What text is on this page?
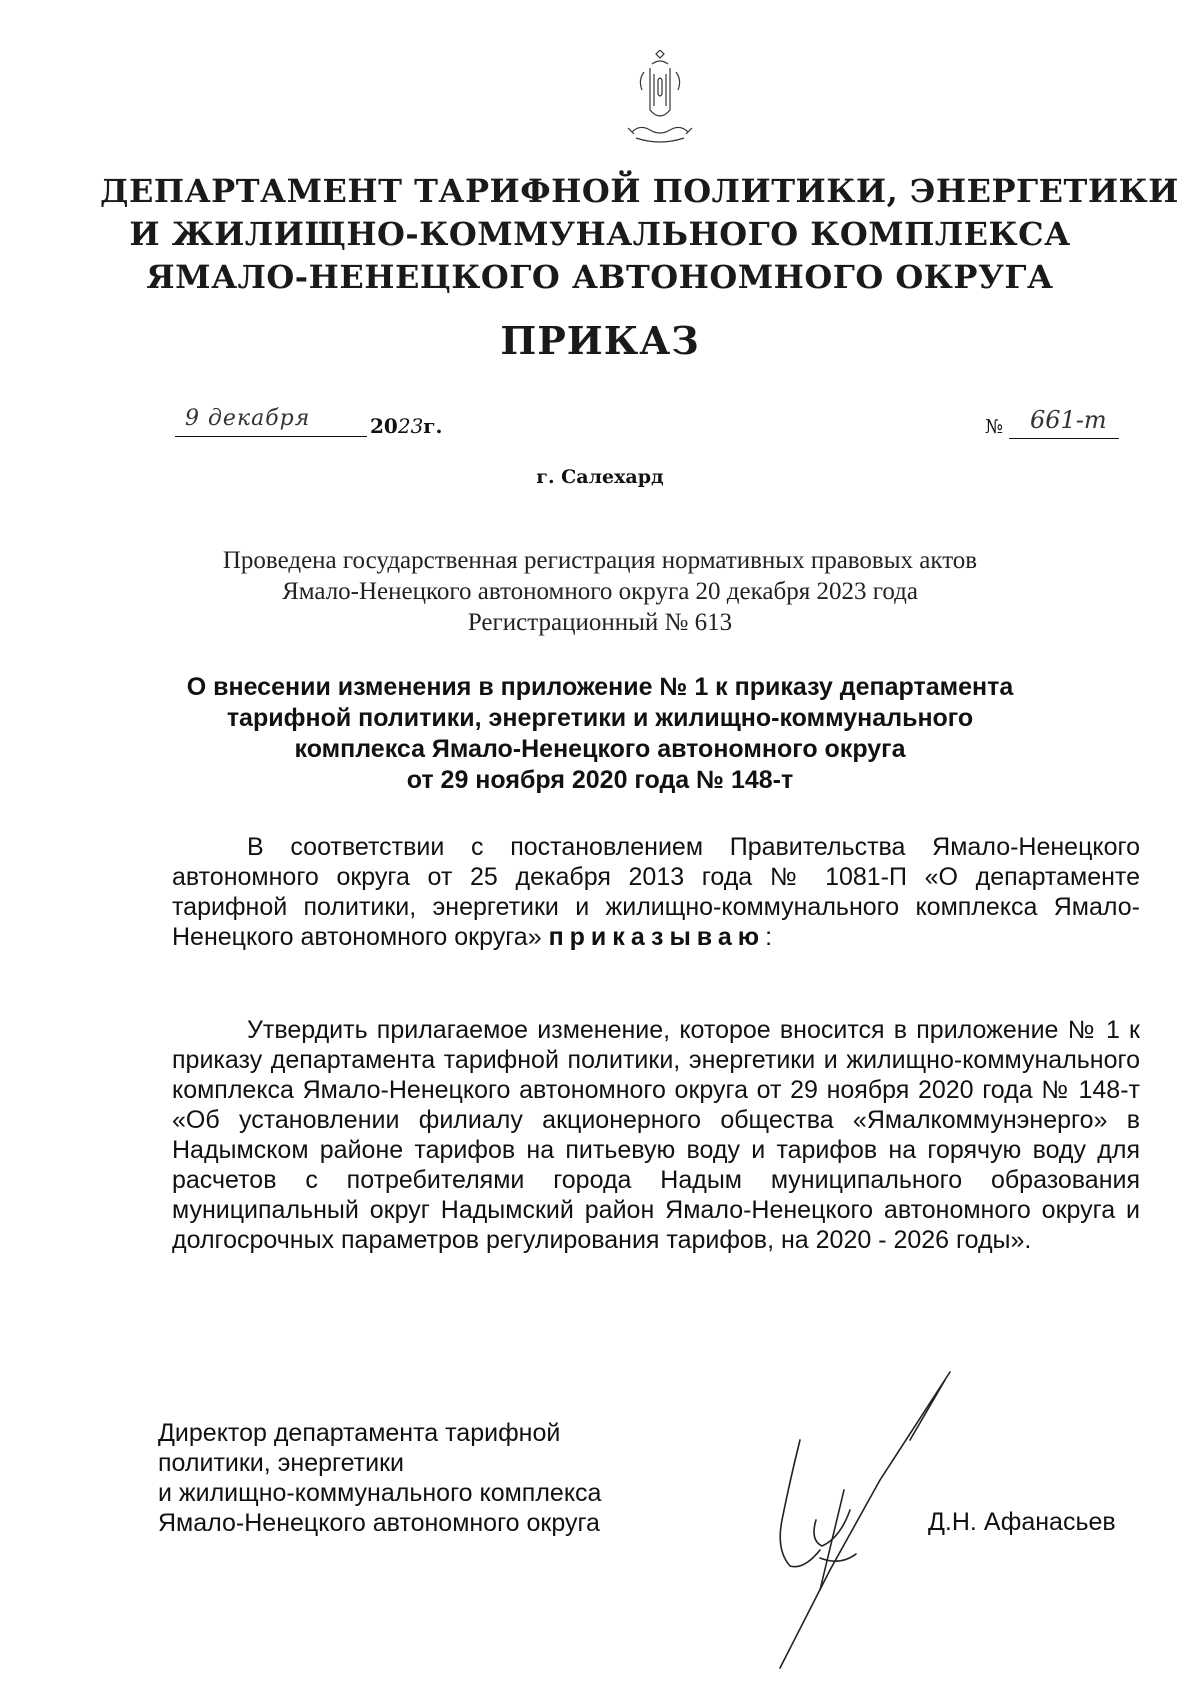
ДЕПАРТАМЕНТ ТАРИФНОЙ ПОЛИТИКИ, ЭНЕРГЕТИКИ
И ЖИЛИЩНО-КОММУНАЛЬНОГО КОМПЛЕКСА
ЯМАЛО-НЕНЕЦКОГО АВТОНОМНОГО ОКРУГА
ПРИКАЗ
9 декабря	2023г.	№ 661-т
г. Салехард
Проведена государственная регистрация нормативных правовых актов
Ямало-Ненецкого автономного округа 20 декабря 2023 года
Регистрационный № 613
О внесении изменения в приложение № 1 к приказу департамента
тарифной политики, энергетики и жилищно-коммунального
комплекса Ямало-Ненецкого автономного округа
от 29 ноября 2020 года № 148-т
В соответствии с постановлением Правительства Ямало-Ненецкого автономного округа от 25 декабря 2013 года № 1081-П «О департаменте тарифной политики, энергетики и жилищно-коммунального комплекса Ямало-Ненецкого автономного округа» приказываю:
Утвердить прилагаемое изменение, которое вносится в приложение № 1 к приказу департамента тарифной политики, энергетики и жилищно-коммунального комплекса Ямало-Ненецкого автономного округа от 29 ноября 2020 года № 148-т «Об установлении филиалу акционерного общества «Ямалкоммунэнерго» в Надымском районе тарифов на питьевую воду и тарифов на горячую воду для расчетов с потребителями города Надым муниципального образования муниципальный округ Надымский район Ямало-Ненецкого автономного округа и долгосрочных параметров регулирования тарифов, на 2020 - 2026 годы».
Директор департамента тарифной
политики, энергетики
и жилищно-коммунального комплекса
Ямало-Ненецкого автономного округа	Д.Н. Афанасьев
